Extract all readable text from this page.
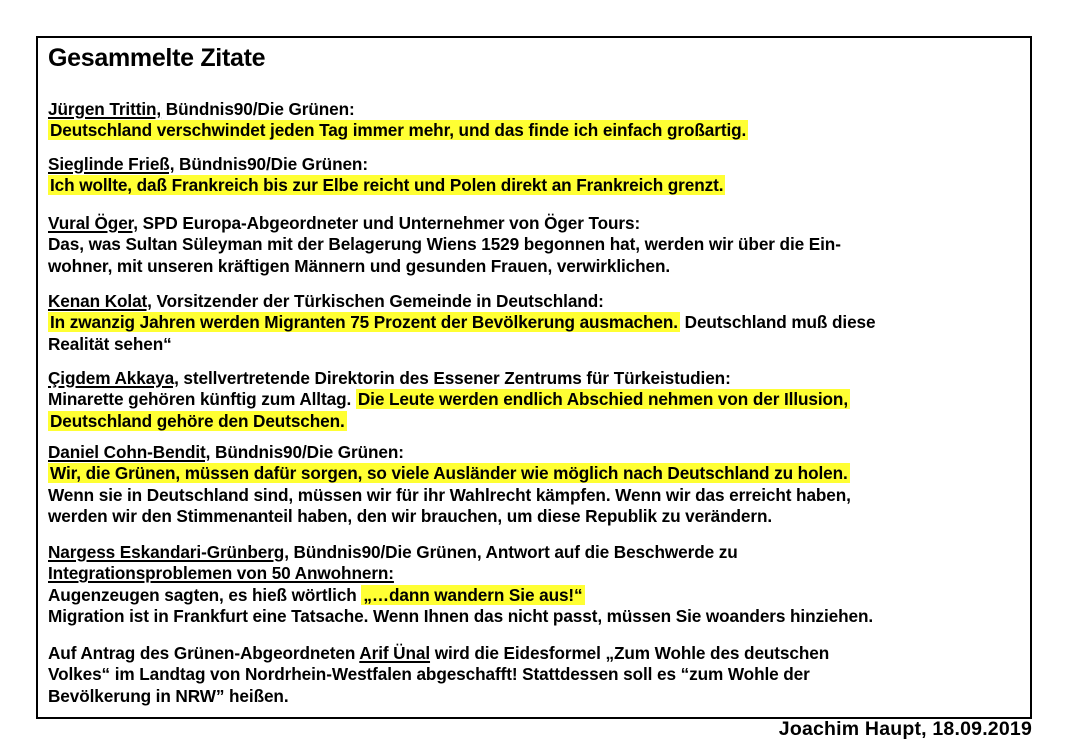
Gesammelte Zitate
Jürgen Trittin, Bündnis90/Die Grünen:
Deutschland verschwindet jeden Tag immer mehr, und das finde ich einfach großartig.
Sieglinde Frieß, Bündnis90/Die Grünen:
Ich wollte, daß Frankreich bis zur Elbe reicht und Polen direkt an Frankreich grenzt.
Vural Öger, SPD Europa-Abgeordneter und Unternehmer von Öger Tours:
Das, was Sultan Süleyman mit der Belagerung Wiens 1529 begonnen hat, werden wir über die Ein-
wohner, mit unseren kräftigen Männern und gesunden Frauen, verwirklichen.
Kenan Kolat, Vorsitzender der Türkischen Gemeinde in Deutschland:
In zwanzig Jahren werden Migranten 75 Prozent der Bevölkerung ausmachen. Deutschland muß diese
Realität sehen“
Çigdem Akkaya, stellvertretende Direktorin des Essener Zentrums für Türkeistudien:
Minarette gehören künftig zum Alltag. Die Leute werden endlich Abschied nehmen von der Illusion,
Deutschland gehöre den Deutschen.
Daniel Cohn-Bendit, Bündnis90/Die Grünen:
Wir, die Grünen, müssen dafür sorgen, so viele Ausländer wie möglich nach Deutschland zu holen.
Wenn sie in Deutschland sind, müssen wir für ihr Wahlrecht kämpfen. Wenn wir das erreicht haben,
werden wir den Stimmenanteil haben, den wir brauchen, um diese Republik zu verändern.
Nargess Eskandari-Grünberg, Bündnis90/Die Grünen, Antwort auf die Beschwerde zu
Integrationsproblemen von 50 Anwohnern:
Augenzeugen sagten, es hieß wörtlich „…dann wandern Sie aus!“
Migration ist in Frankfurt eine Tatsache. Wenn Ihnen das nicht passt, müssen Sie woanders hinziehen.
Auf Antrag des Grünen-Abgeordneten Arif Ünal wird die Eidesformel „Zum Wohle des deutschen
Volkes“ im Landtag von Nordrhein-Westfalen abgeschafft! Stattdessen soll es “zum Wohle der
Bevölkerung in NRW” heißen.
Joachim Haupt, 18.09.2019
